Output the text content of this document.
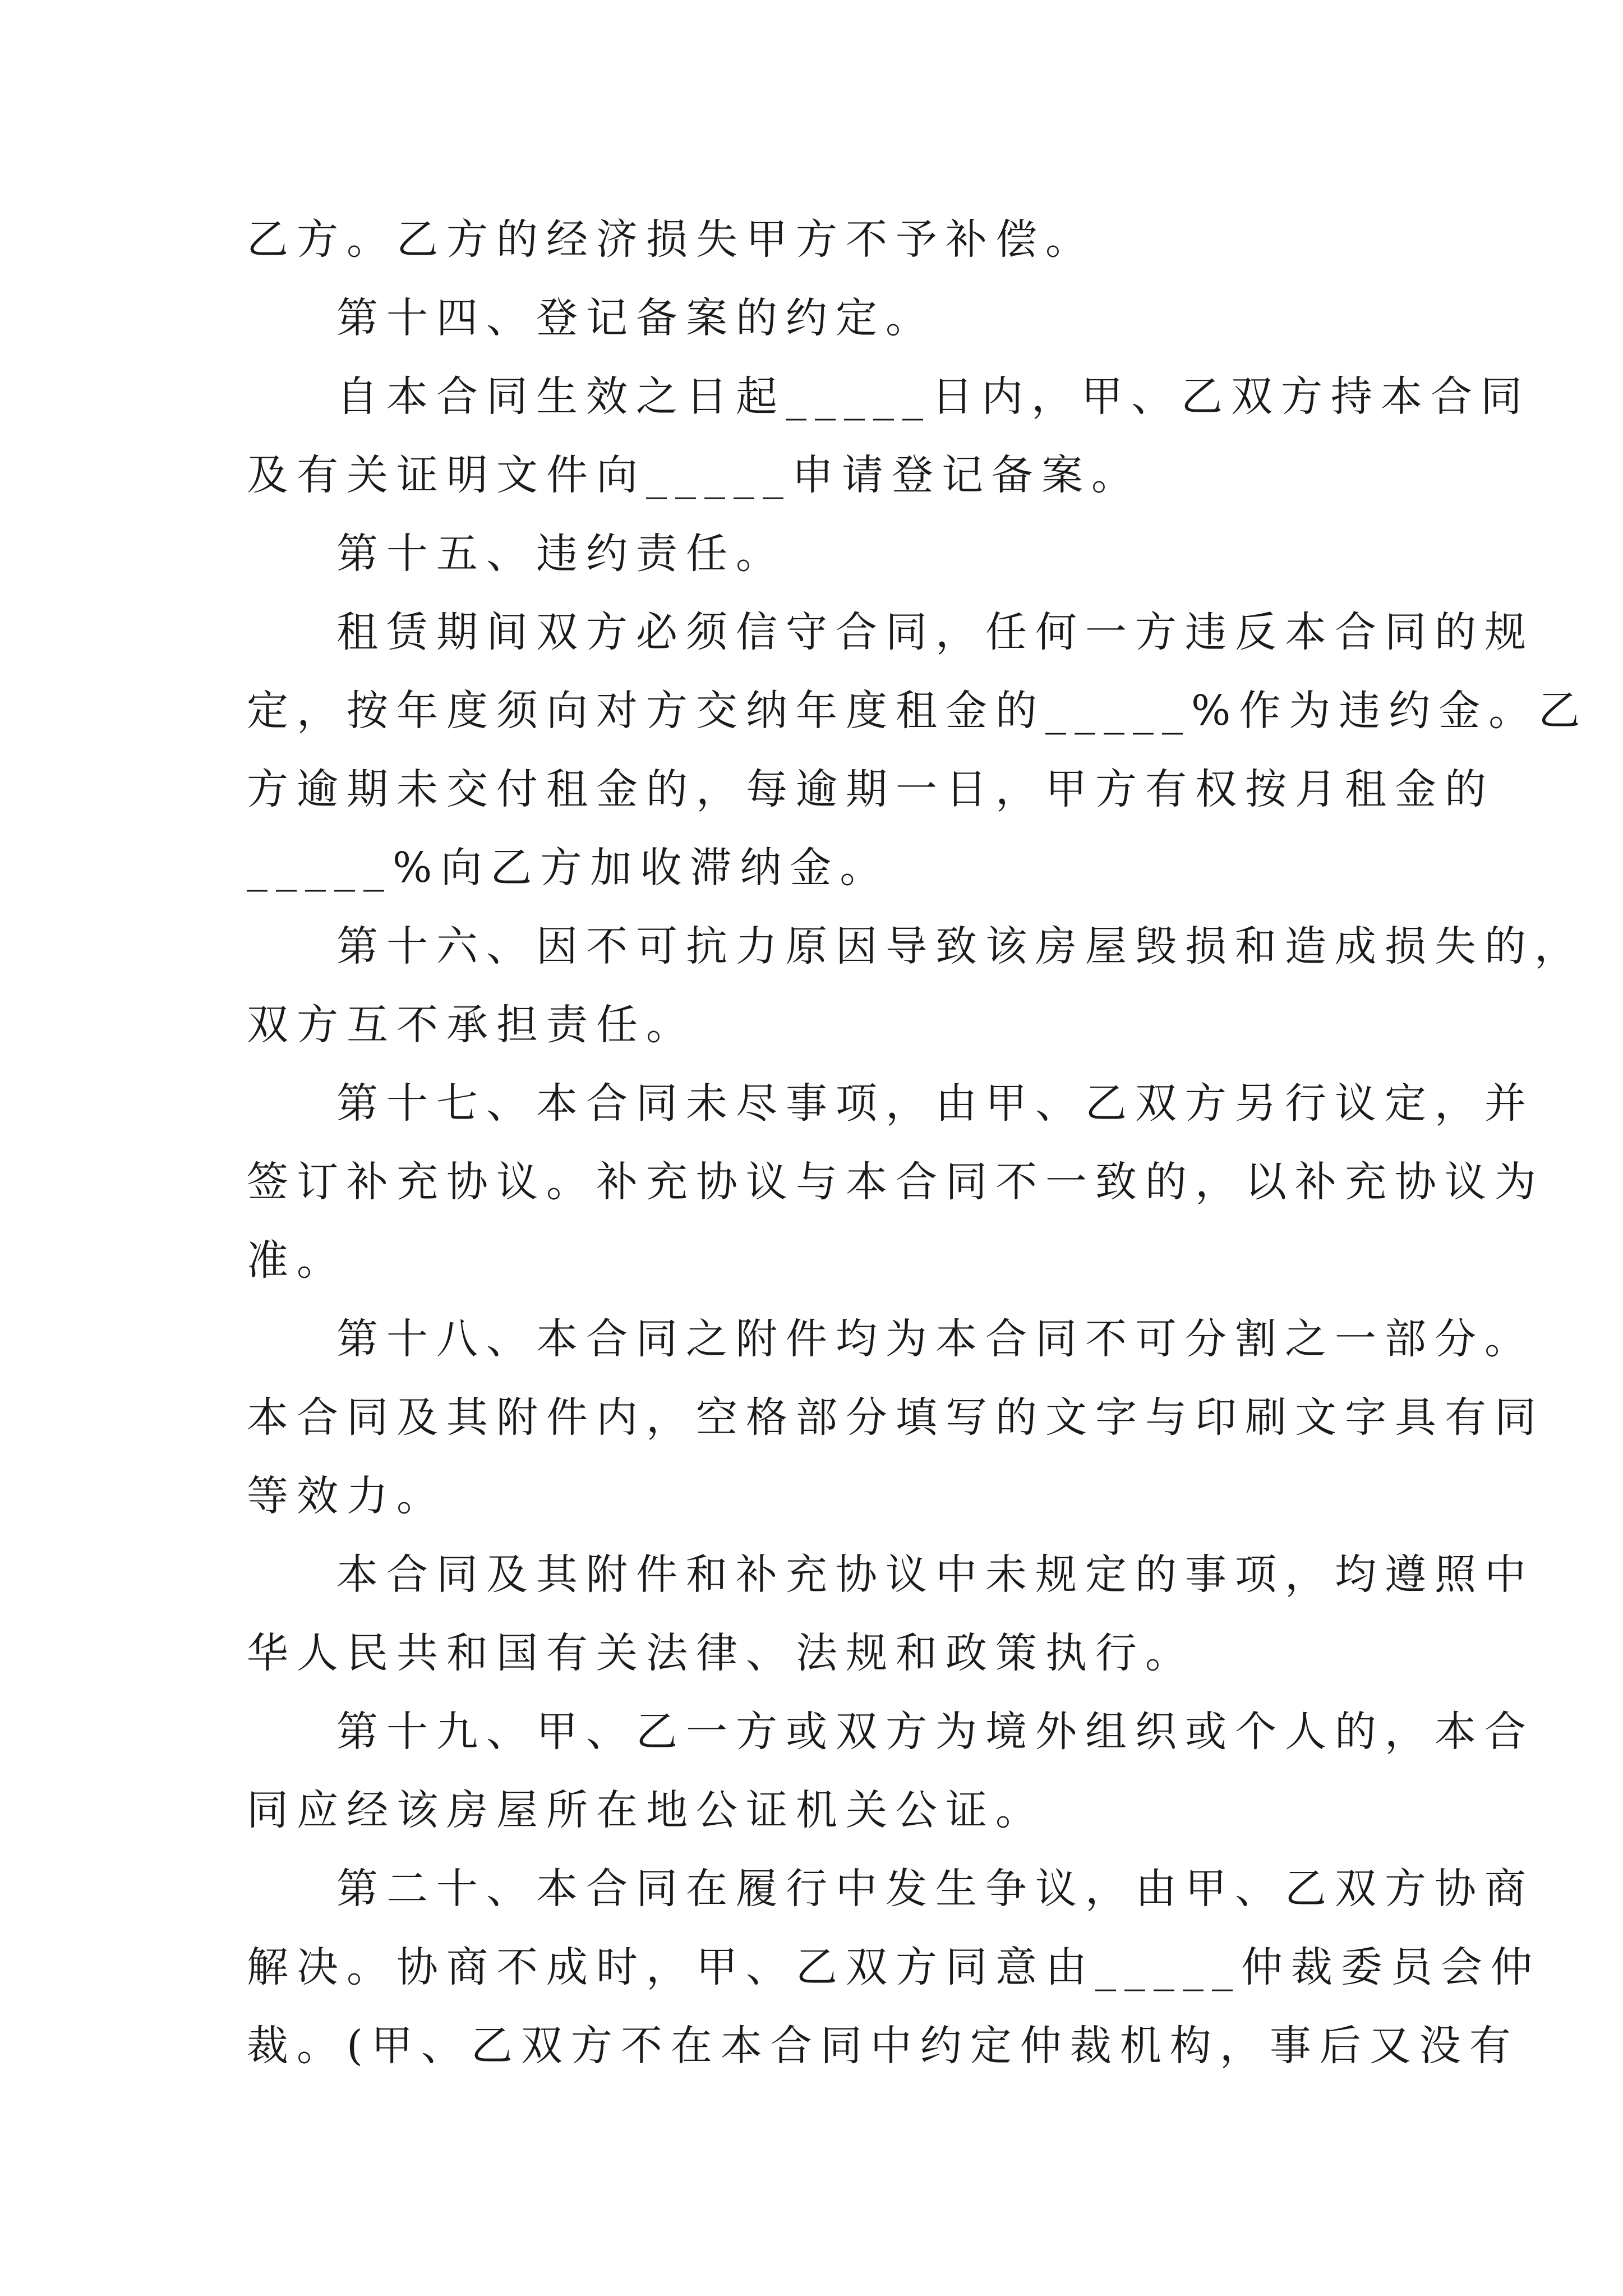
乙方。乙方的经济损失甲方不予补偿。

第十四、登记备案的约定。

自本合同生效之日起_____日内，甲、乙双方持本合同

及有关证明文件向_____申请登记备案。

第十五、违约责任。

租赁期间双方必须信守合同，任何一方违反本合同的规

定，按年度须向对方交纳年度租金的_____%作为违约金。乙

方逾期未交付租金的，每逾期一日，甲方有权按月租金的

_____%向乙方加收滞纳金。

第十六、因不可抗力原因导致该房屋毁损和造成损失的，

双方互不承担责任。

第十七、本合同未尽事项，由甲、乙双方另行议定，并

签订补充协议。补充协议与本合同不一致的，以补充协议为

准。

第十八、本合同之附件均为本合同不可分割之一部分。

本合同及其附件内，空格部分填写的文字与印刷文字具有同

等效力。

本合同及其附件和补充协议中未规定的事项，均遵照中

华人民共和国有关法律、法规和政策执行。

第十九、甲、乙一方或双方为境外组织或个人的，本合

同应经该房屋所在地公证机关公证。

第二十、本合同在履行中发生争议，由甲、乙双方协商

解决。协商不成时，甲、乙双方同意由_____仲裁委员会仲

裁。(甲、乙双方不在本合同中约定仲裁机构，事后又没有
